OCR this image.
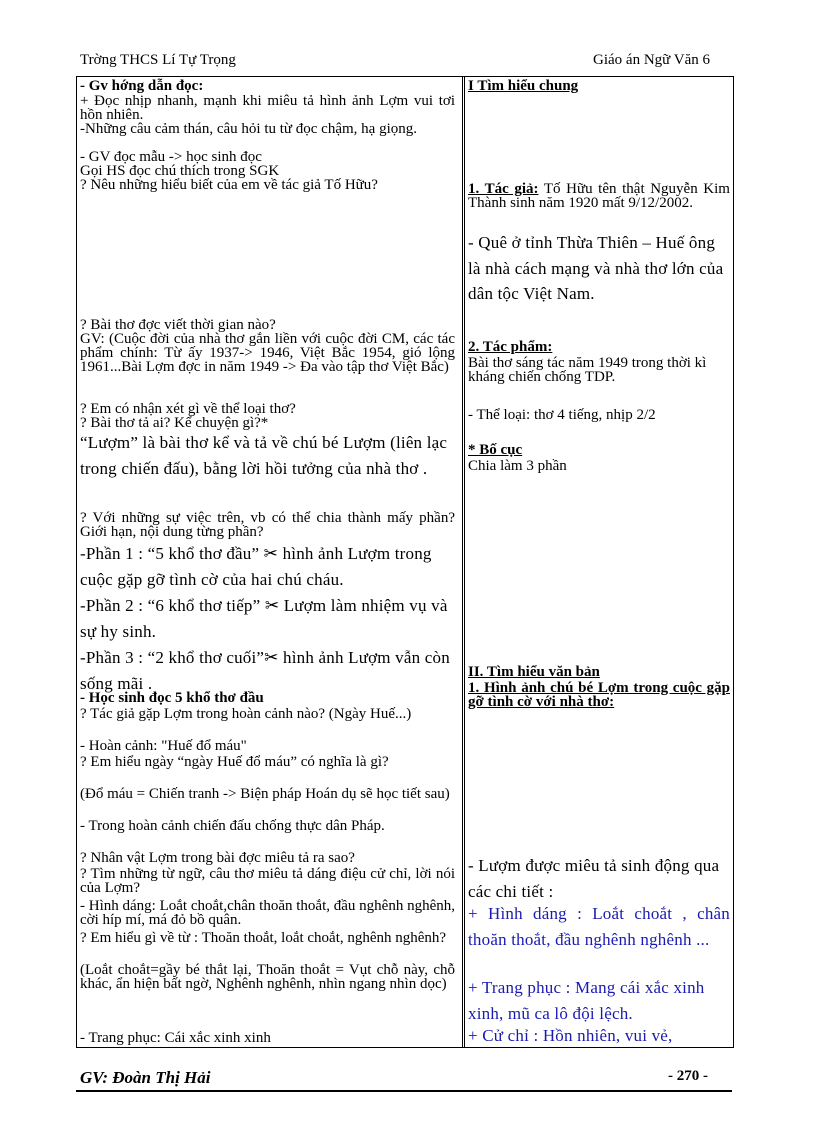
Trờng THCS Lí Tự Trọng	Giáo án Ngữ Văn 6

- Gv hớng dẫn đọc:

+ Đọc nhịp nhanh, mạnh khi miêu tả hình ảnh Lợm vui tơi hồn nhiên.

-Những câu cảm thán, câu hỏi tu từ đọc chậm, hạ giọng.

- GV đọc mẫu -> học sinh đọc

Gọi HS đọc chú thích trong SGK

? Nêu những hiểu biết của em về tác giả Tố Hữu?

? Bài thơ đợc viết thời gian nào?

GV: (Cuộc đời của nhà thơ gắn liền với cuộc đời CM, các tác phẩm chính: Từ ấy 1937-> 1946, Việt Bắc 1954, gió lộng 1961...Bài Lợm đợc in năm 1949 -> Đa vào tập thơ Việt Bắc)

? Em có nhận xét gì về thể loại thơ?

? Bài thơ tả ai? Kể chuyện gì?*

“Lượm” là bài thơ kể và tả về chú bé Lượm (liên lạc trong chiến đấu), bằng lời hồi tưởng của nhà thơ .

? Với những sự việc trên, vb có thể chia thành mấy phần? Giới hạn, nội dung từng phần?

-Phần 1 : “5 khổ thơ đầu” ✂ hình ảnh Lượm trong cuộc gặp gỡ tình cờ của hai chú cháu.

-Phần 2 : “6 khổ thơ tiếp” ✂ Lượm làm nhiệm vụ và sự hy sinh.

-Phần 3 : “2 khổ thơ cuối”✂ hình ảnh Lượm vẫn còn sống mãi .

- Học sinh đọc 5 khổ thơ đầu

? Tác giả gặp Lợm trong hoàn cảnh nào? (Ngày Huế...)

- Hoàn cảnh: "Huế đổ máu"

? Em hiểu ngày “ngày Huế đổ máu” có nghĩa là gì?

(Đổ máu = Chiến tranh -> Biện pháp Hoán dụ sẽ học tiết sau)

- Trong hoàn cảnh chiến đấu chống thực dân Pháp.

? Nhân vật Lợm trong bài đợc miêu tả ra sao?

? Tìm những từ ngữ, câu thơ miêu tả dáng điệu cử chỉ, lời nói của Lợm?

- Hình dáng: Loắt choắt,chân thoăn thoắt, đầu nghênh nghênh, cời híp mí, má đỏ bồ quân.

? Em hiểu gì về từ : Thoăn thoắt, loắt choắt, nghênh nghênh?

(Loắt choắt=gầy bé thắt lại, Thoăn thoắt = Vụt chỗ này, chỗ khác, ẩn hiện bất ngờ, Nghênh nghênh, nhìn ngang nhìn dọc)

- Trang phục: Cái xắc xinh xinh

I Tìm hiểu chung

1. Tác giả: Tố Hữu tên thật Nguyễn Kim Thành sinh năm 1920 mất 9/12/2002.

- Quê ở tỉnh Thừa Thiên – Huế ông là nhà cách mạng và nhà thơ lớn của dân tộc Việt Nam.

2. Tác phẩm:

Bài thơ sáng tác năm 1949 trong thời kì kháng chiến chống TDP.

- Thể loại: thơ 4 tiếng, nhịp 2/2

* Bố cục

Chia làm 3 phần

II. Tìm hiểu văn bản

1. Hình ảnh chú bé Lợm trong cuộc gặp gỡ tình cờ với nhà thơ:

- Lượm được miêu tả sinh động qua các chi tiết :

+ Hình dáng : Loắt choắt , chân thoăn thoắt, đầu nghênh nghênh ...

+ Trang phục : Mang cái xắc xinh xinh, mũ ca lô đội lệch.

+ Cử chỉ : Hồn nhiên, vui vẻ,

GV: Đoàn Thị Hải	- 270 -
